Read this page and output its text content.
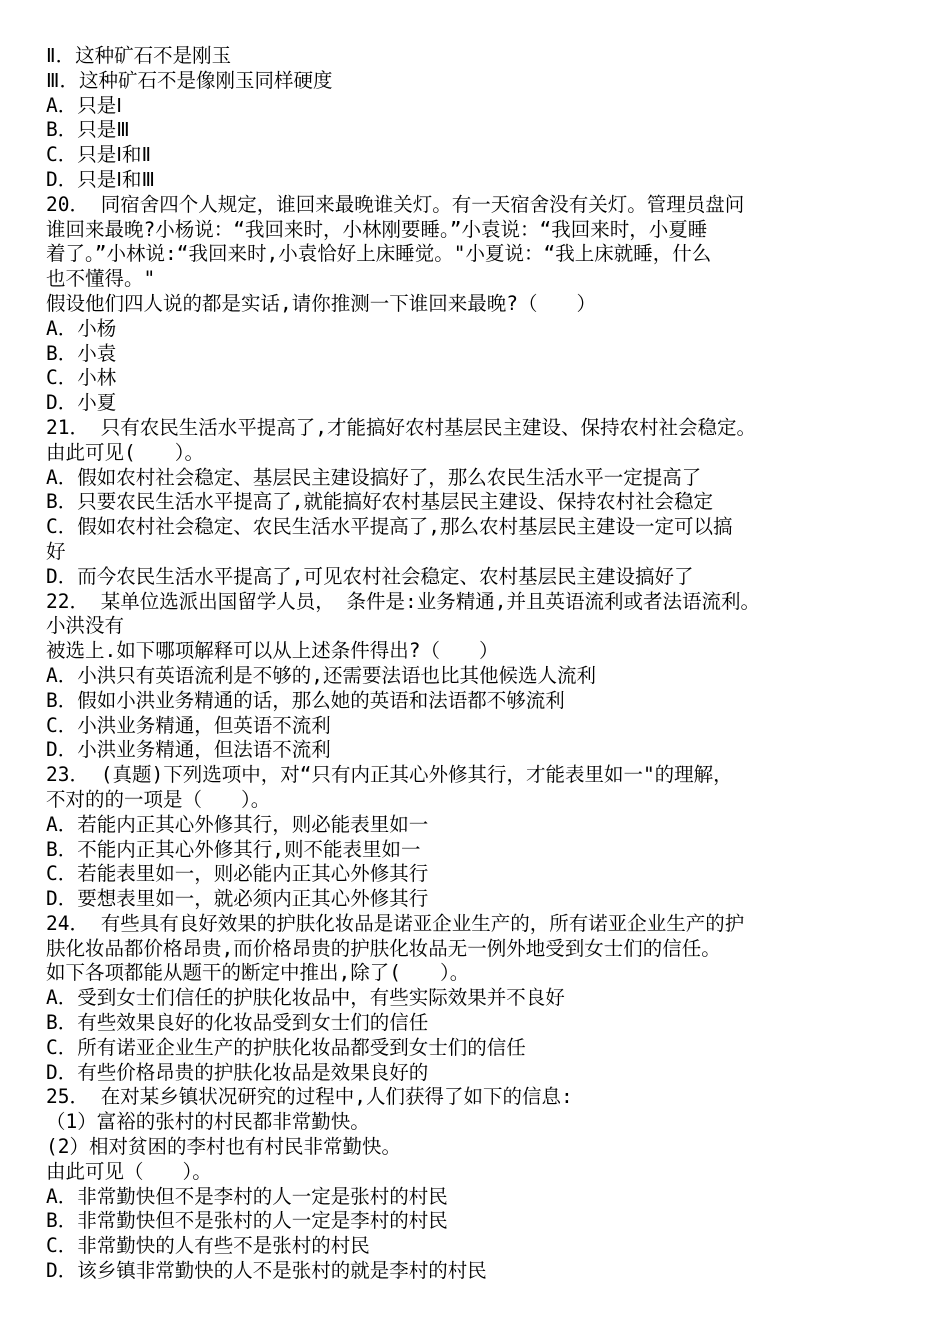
Ⅱ．这种矿石不是刚玉
Ⅲ．这种矿石不是像刚玉同样硬度
A．只是Ⅰ
B．只是Ⅲ
C．只是Ⅰ和Ⅱ
D．只是Ⅰ和Ⅲ
20． 同宿舍四个人规定，谁回来最晚谁关灯。有一天宿舍没有关灯。管理员盘问
谁回来最晚?小杨说：“我回来时，小林刚要睡。”小袁说：“我回来时，小夏睡
着了。”小林说:“我回来时,小袁恰好上床睡觉。"小夏说：“我上床就睡，什么
也不懂得。"
假设他们四人说的都是实话,请你推测一下谁回来最晚?（　　）
A．小杨
B．小袁
C．小林
D．小夏
21． 只有农民生活水平提高了,才能搞好农村基层民主建设、保持农村社会稳定。
由此可见(　　）。
A．假如农村社会稳定、基层民主建设搞好了，那么农民生活水平一定提高了
B．只要农民生活水平提高了,就能搞好农村基层民主建设、保持农村社会稳定
C．假如农村社会稳定、农民生活水平提高了,那么农村基层民主建设一定可以搞
好
D．而今农民生活水平提高了,可见农村社会稳定、农村基层民主建设搞好了
22． 某单位选派出国留学人员， 条件是:业务精通,并且英语流利或者法语流利。
小洪没有
被选上.如下哪项解释可以从上述条件得出?（　　）
A．小洪只有英语流利是不够的,还需要法语也比其他候选人流利
B．假如小洪业务精通的话，那么她的英语和法语都不够流利
C．小洪业务精通，但英语不流利
D．小洪业务精通，但法语不流利
23． (真题)下列选项中，对“只有内正其心外修其行，才能表里如一"的理解，
不对的的一项是（　　）。
A．若能内正其心外修其行，则必能表里如一
B．不能内正其心外修其行,则不能表里如一
C．若能表里如一，则必能内正其心外修其行
D．要想表里如一，就必须内正其心外修其行
24． 有些具有良好效果的护肤化妆品是诺亚企业生产的，所有诺亚企业生产的护
肤化妆品都价格昂贵,而价格昂贵的护肤化妆品无一例外地受到女士们的信任。
如下各项都能从题干的断定中推出,除了(　　）。
A．受到女士们信任的护肤化妆品中，有些实际效果并不良好
B．有些效果良好的化妆品受到女士们的信任
C．所有诺亚企业生产的护肤化妆品都受到女士们的信任
D．有些价格昂贵的护肤化妆品是效果良好的
25． 在对某乡镇状况研究的过程中,人们获得了如下的信息:
（1）富裕的张村的村民都非常勤快。
(2）相对贫困的李村也有村民非常勤快。
由此可见（　　）。
A．非常勤快但不是李村的人一定是张村的村民
B．非常勤快但不是张村的人一定是李村的村民
C．非常勤快的人有些不是张村的村民
D．该乡镇非常勤快的人不是张村的就是李村的村民
